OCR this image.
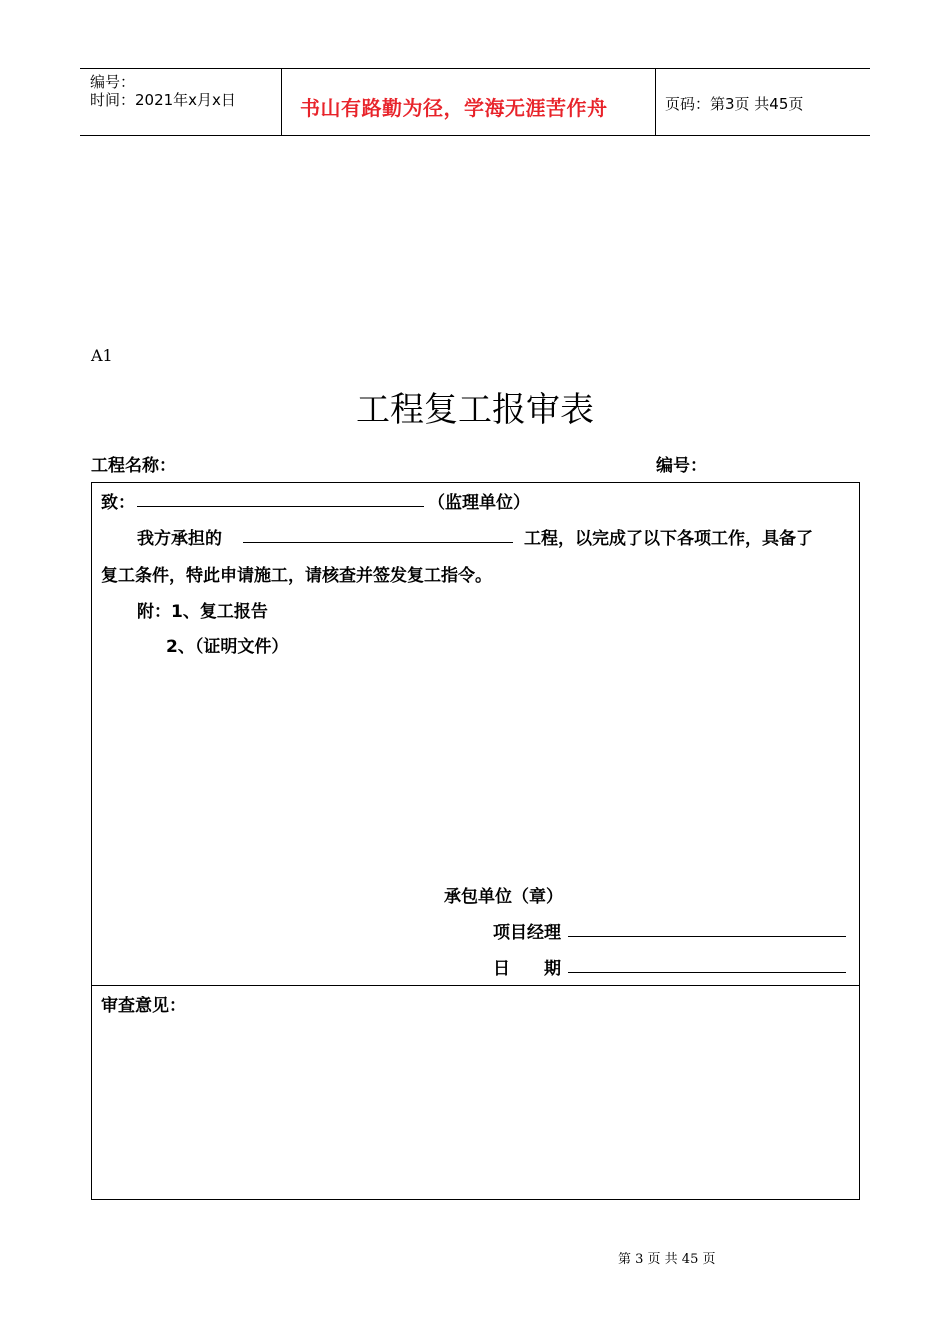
编号：
时间：2021年x月x日	书山有路勤为径，学海无涯苦作舟	页码：第3页 共45页
A1
工程复工报审表
工程名称：	编号：
致：	（监理单位）
我方承担的	工程，以完成了以下各项工作，具备了
复工条件，特此申请施工，请核查并签发复工指令。
附：1、复工报告
2、（证明文件）
承包单位（章）
项目经理
日　　期
审查意见：
第 3 页 共 45 页
